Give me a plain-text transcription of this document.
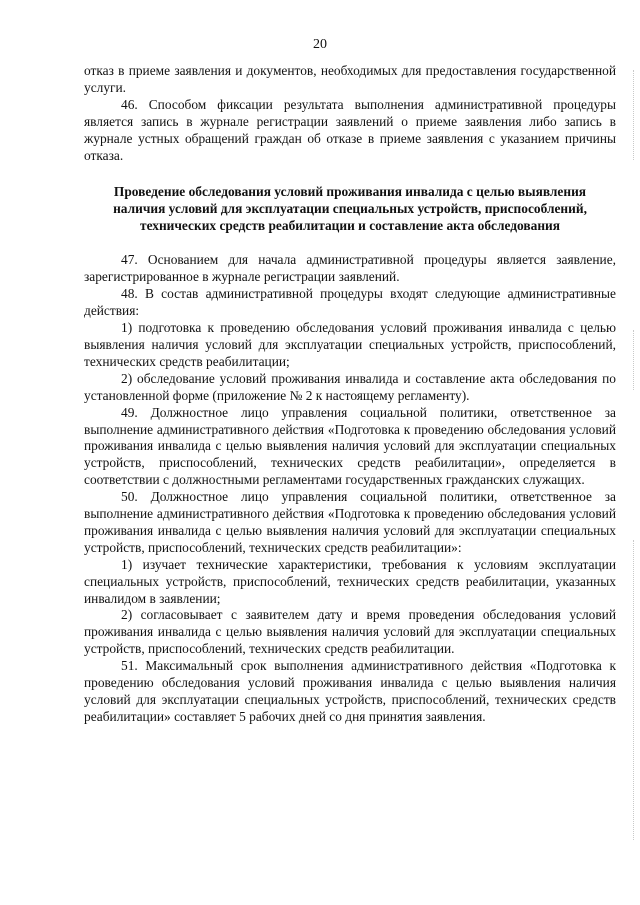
20

отказ в приеме заявления и документов, необходимых для предоставления государственной услуги.

46. Способом фиксации результата выполнения административной процедуры является запись в журнале регистрации заявлений о приеме заявления либо запись в журнале устных обращений граждан об отказе в приеме заявления с указанием причины отказа.

Проведение обследования условий проживания инвалида с целью выявления наличия условий для эксплуатации специальных устройств, приспособлений, технических средств реабилитации и составление акта обследования

47. Основанием для начала административной процедуры является заявление, зарегистрированное в журнале регистрации заявлений.

48. В состав административной процедуры входят следующие административные действия:

1) подготовка к проведению обследования условий проживания инвалида с целью выявления наличия условий для эксплуатации специальных устройств, приспособлений, технических средств реабилитации;

2) обследование условий проживания инвалида и составление акта обследования по установленной форме (приложение № 2 к настоящему регламенту).

49. Должностное лицо управления социальной политики, ответственное за выполнение административного действия «Подготовка к проведению обследования условий проживания инвалида с целью выявления наличия условий для эксплуатации специальных устройств, приспособлений, технических средств реабилитации», определяется в соответствии с должностными регламентами государственных гражданских служащих.

50. Должностное лицо управления социальной политики, ответственное за выполнение административного действия «Подготовка к проведению обследования условий проживания инвалида с целью выявления наличия условий для эксплуатации специальных устройств, приспособлений, технических средств реабилитации»:

1) изучает технические характеристики, требования к условиям эксплуатации специальных устройств, приспособлений, технических средств реабилитации, указанных инвалидом в заявлении;

2) согласовывает с заявителем дату и время проведения обследования условий проживания инвалида с целью выявления наличия условий для эксплуатации специальных устройств, приспособлений, технических средств реабилитации.

51. Максимальный срок выполнения административного действия «Подготовка к проведению обследования условий проживания инвалида с целью выявления наличия условий для эксплуатации специальных устройств, приспособлений, технических средств реабилитации» составляет 5 рабочих дней со дня принятия заявления.
